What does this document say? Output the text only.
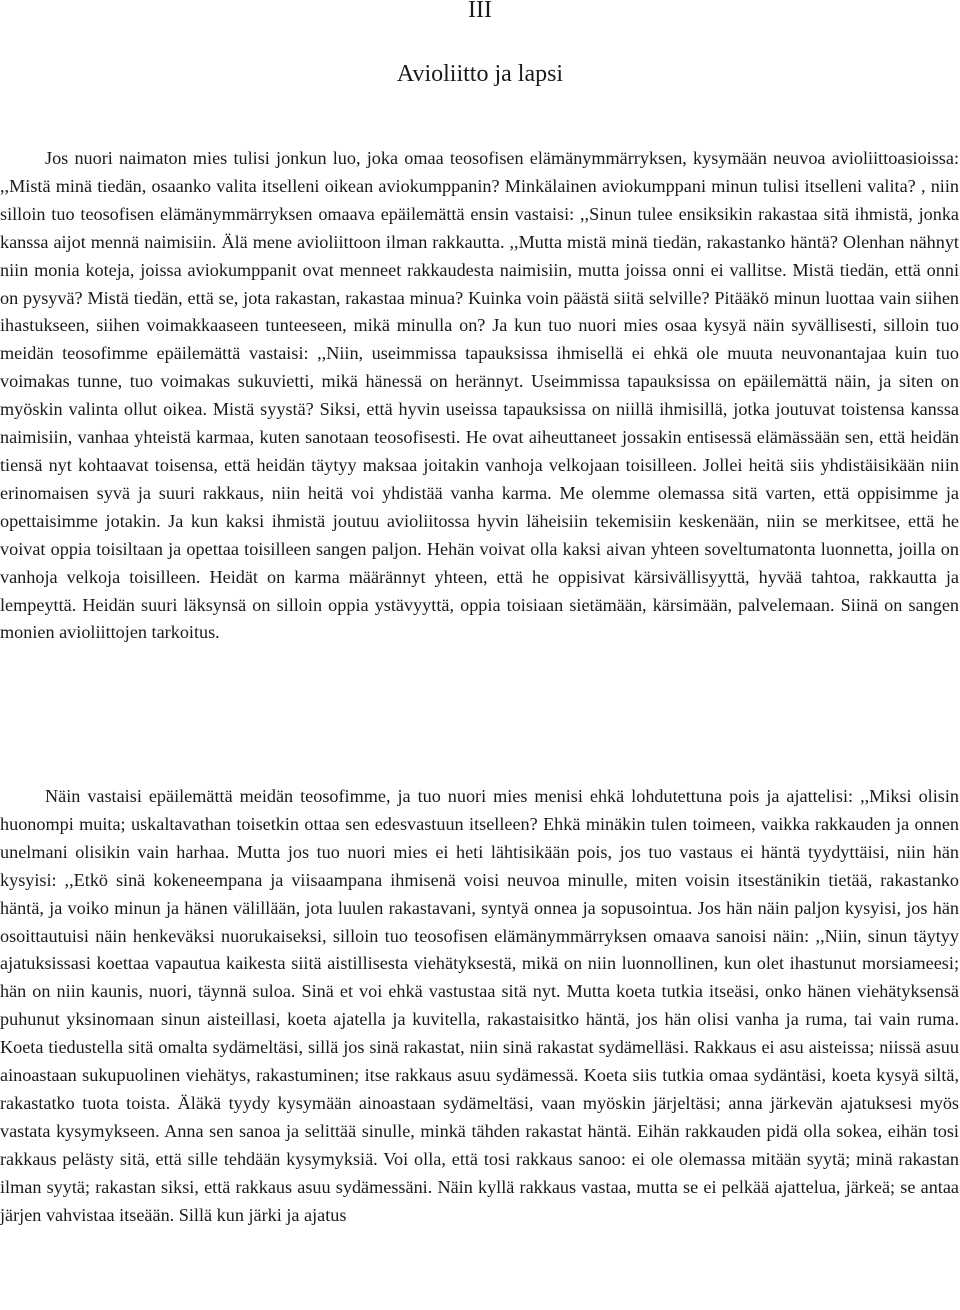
III
Avioliitto ja lapsi

Jos nuori naimaton mies tulisi jonkun luo, joka omaa teosofisen elämänymmärryksen, kysymään neuvoa avioliittoasioissa: ,,Mistä minä tiedän, osaanko valita itselleni oikean aviokumppanin? Minkälainen aviokumppani minun tulisi itselleni valita? , niin silloin tuo teosofisen elämänymmärryksen omaava epäilemättä ensin vastaisi: ,,Sinun tulee ensiksikin rakastaa sitä ihmistä, jonka kanssa aijot mennä naimisiin. Älä mene avioliittoon ilman rakkautta. ,,Mutta mistä minä tiedän, rakastanko häntä? Olenhan nähnyt niin monia koteja, joissa aviokumppanit ovat menneet rakkaudesta naimisiin, mutta joissa onni ei vallitse. Mistä tiedän, että onni on pysyvä? Mistä tiedän, että se, jota rakastan, rakastaa minua? Kuinka voin päästä siitä selville? Pitääkö minun luottaa vain siihen ihastukseen, siihen voimakkaaseen tunteeseen, mikä minulla on? Ja kun tuo nuori mies osaa kysyä näin syvällisesti, silloin tuo meidän teosofimme epäilemättä vastaisi: ,,Niin, useimmissa tapauksissa ihmisellä ei ehkä ole muuta neuvonantajaa kuin tuo voimakas tunne, tuo voimakas sukuvietti, mikä hänessä on herännyt. Useimmissa tapauksissa on epäilemättä näin, ja siten on myöskin valinta ollut oikea. Mistä syystä? Siksi, että hyvin useissa tapauksissa on niillä ihmisillä, jotka joutuvat toistensa kanssa naimisiin, vanhaa yhteistä karmaa, kuten sanotaan teosofisesti. He ovat aiheuttaneet jossakin entisessä elämässään sen, että heidän tiensä nyt kohtaavat toisensa, että heidän täytyy maksaa joitakin vanhoja velkojaan toisilleen. Jollei heitä siis yhdistäisikään niin erinomaisen syvä ja suuri rakkaus, niin heitä voi yhdistää vanha karma. Me olemme olemassa sitä varten, että oppisimme ja opettaisimme jotakin. Ja kun kaksi ihmistä joutuu avioliitossa hyvin läheisiin tekemisiin keskenään, niin se merkitsee, että he voivat oppia toisiltaan ja opettaa toisilleen sangen paljon. Hehän voivat olla kaksi aivan yhteen soveltumatonta luonnetta, joilla on vanhoja velkoja toisilleen. Heidät on karma määrännyt yhteen, että he oppisivat kärsivällisyyttä, hyvää tahtoa, rakkautta ja lempeyttä. Heidän suuri läksynsä on silloin oppia ystävyyttä, oppia toisiaan sietämään, kärsimään, palvelemaan. Siinä on sangen monien avioliittojen tarkoitus.

Näin vastaisi epäilemättä meidän teosofimme, ja tuo nuori mies menisi ehkä lohdutettuna pois ja ajattelisi: ,,Miksi olisin huonompi muita; uskaltavathan toisetkin ottaa sen edesvastuun itselleen? Ehkä minäkin tulen toimeen, vaikka rakkauden ja onnen unelmani olisikin vain harhaa. Mutta jos tuo nuori mies ei heti lähtisikään pois, jos tuo vastaus ei häntä tyydyttäisi, niin hän kysyisi: ,,Etkö sinä kokeneempana ja viisaampana ihmisenä voisi neuvoa minulle, miten voisin itsestänikin tietää, rakastanko häntä, ja voiko minun ja hänen välillään, jota luulen rakastavani, syntyä onnea ja sopusointua. Jos hän näin paljon kysyisi, jos hän osoittautuisi näin henkeväksi nuorukaiseksi, silloin tuo teosofisen elämänymmärryksen omaava sanoisi näin: ,,Niin, sinun täytyy ajatuksissasi koettaa vapautua kaikesta siitä aistillisesta viehätyksestä, mikä on niin luonnollinen, kun olet ihastunut morsiameesi; hän on niin kaunis, nuori, täynnä suloa. Sinä et voi ehkä vastustaa sitä nyt. Mutta koeta tutkia itseäsi, onko hänen viehätyksensä puhunut yksinomaan sinun aisteillasi, koeta ajatella ja kuvitella, rakastaisitko häntä, jos hän olisi vanha ja ruma, tai vain ruma. Koeta tiedustella sitä omalta sydämeltäsi, sillä jos sinä rakastat, niin sinä rakastat sydämelläsi. Rakkaus ei asu aisteissa; niissä asuu ainoastaan sukupuolinen viehätys, rakastuminen; itse rakkaus asuu sydämessä. Koeta siis tutkia omaa sydäntäsi, koeta kysyä siltä, rakastatko tuota toista. Äläkä tyydy kysymään ainoastaan sydämeltäsi, vaan myöskin järjeltäsi; anna järkevän ajatuksesi myös vastata kysymykseen. Anna sen sanoa ja selittää sinulle, minkä tähden rakastat häntä. Eihän rakkauden pidä olla sokea, eihän tosi rakkaus pelästy sitä, että sille tehdään kysymyksiä. Voi olla, että tosi rakkaus sanoo: ei ole olemassa mitään syytä; minä rakastan ilman syytä; rakastan siksi, että rakkaus asuu sydämessäni. Näin kyllä rakkaus vastaa, mutta se ei pelkää ajattelua, järkeä; se antaa järjen vahvistaa itseään. Sillä kun järki ja ajatus
